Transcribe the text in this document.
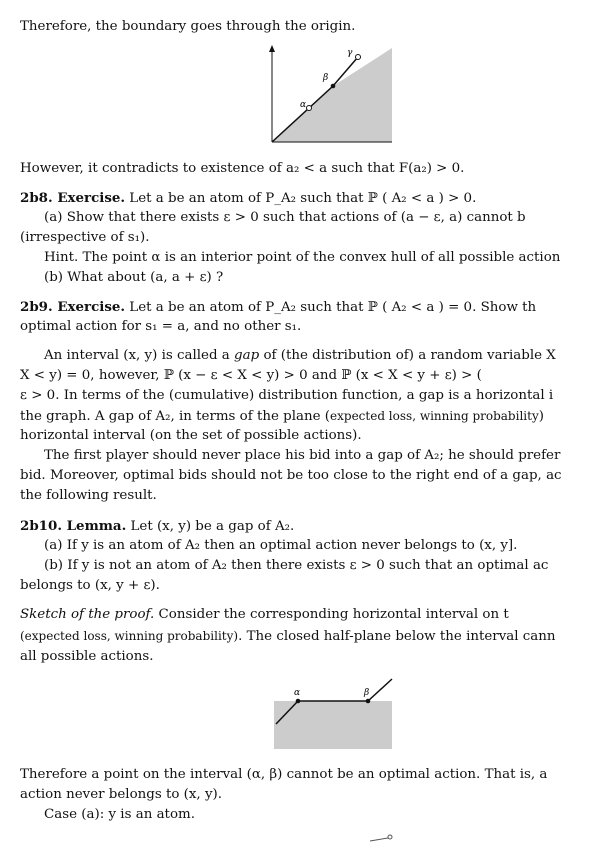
Therefore, the boundary goes through the origin.
α
β
γ
However, it contradicts to existence of a₂ < a such that F(a₂) > 0.
2b8. Exercise. Let a be an atom of P_A₂ such that ℙ ( A₂ < a ) > 0.
(a) Show that there exists ε > 0 such that actions of (a − ε, a) cannot b
(irrespective of s₁).
Hint. The point α is an interior point of the convex hull of all possible action
(b) What about (a, a + ε) ?
2b9. Exercise. Let a be an atom of P_A₂ such that ℙ ( A₂ < a ) = 0. Show th
optimal action for s₁ = a, and no other s₁.
An interval (x, y) is called a gap of (the distribution of) a random variable X
X < y) = 0, however, ℙ (x − ε < X < y) > 0 and ℙ (x < X < y + ε) > (
ε > 0. In terms of the (cumulative) distribution function, a gap is a horizontal i
the graph. A gap of A₂, in terms of the plane (expected loss, winning probability)
horizontal interval (on the set of possible actions).
The first player should never place his bid into a gap of A₂; he should prefer
bid. Moreover, optimal bids should not be too close to the right end of a gap, ac
the following result.
2b10. Lemma. Let (x, y) be a gap of A₂.
(a) If y is an atom of A₂ then an optimal action never belongs to (x, y].
(b) If y is not an atom of A₂ then there exists ε > 0 such that an optimal ac
belongs to (x, y + ε).
Sketch of the proof. Consider the corresponding horizontal interval on t
(expected loss, winning probability). The closed half-plane below the interval cann
all possible actions.
α	β
Therefore a point on the interval (α, β) cannot be an optimal action. That is, a
action never belongs to (x, y).
Case (a): y is an atom.
